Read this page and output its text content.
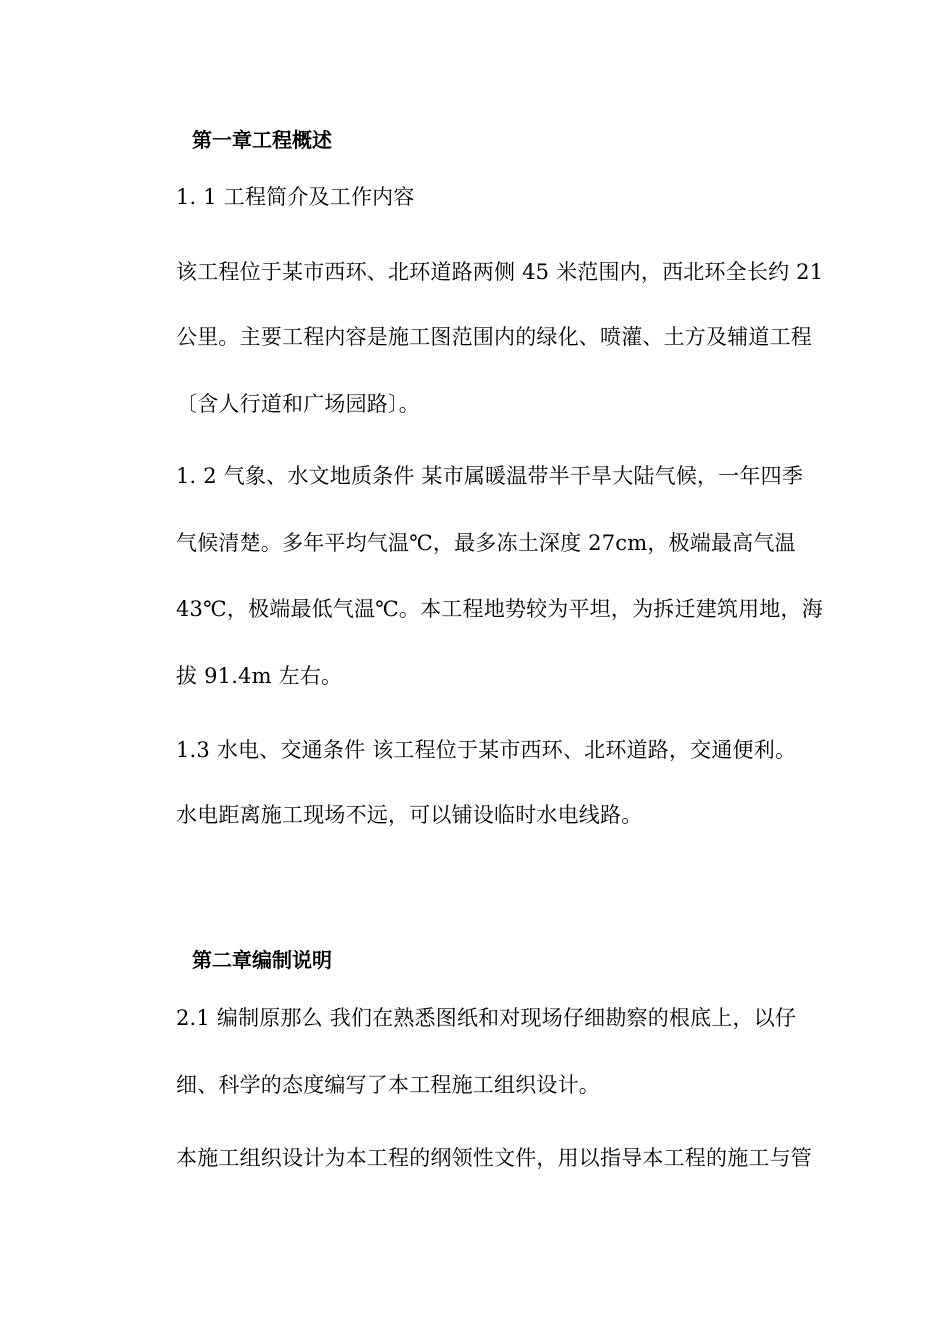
第一章工程概述
1. 1 工程简介及工作内容
该工程位于某市西环、北环道路两侧 45 米范围内，西北环全长约 21
公里。主要工程内容是施工图范围内的绿化、喷灌、土方及辅道工程
〔含人行道和广场园路〕。
1. 2 气象、水文地质条件 某市属暖温带半干旱大陆气候，一年四季
气候清楚。多年平均气温℃，最多冻土深度 27cm，极端最高气温
43℃，极端最低气温℃。本工程地势较为平坦，为拆迁建筑用地，海
拔 91.4m 左右。
1.3 水电、交通条件 该工程位于某市西环、北环道路，交通便利。
水电距离施工现场不远，可以铺设临时水电线路。
第二章编制说明
2.1 编制原那么 我们在熟悉图纸和对现场仔细勘察的根底上，以仔
细、科学的态度编写了本工程施工组织设计。
本施工组织设计为本工程的纲领性文件，用以指导本工程的施工与管
